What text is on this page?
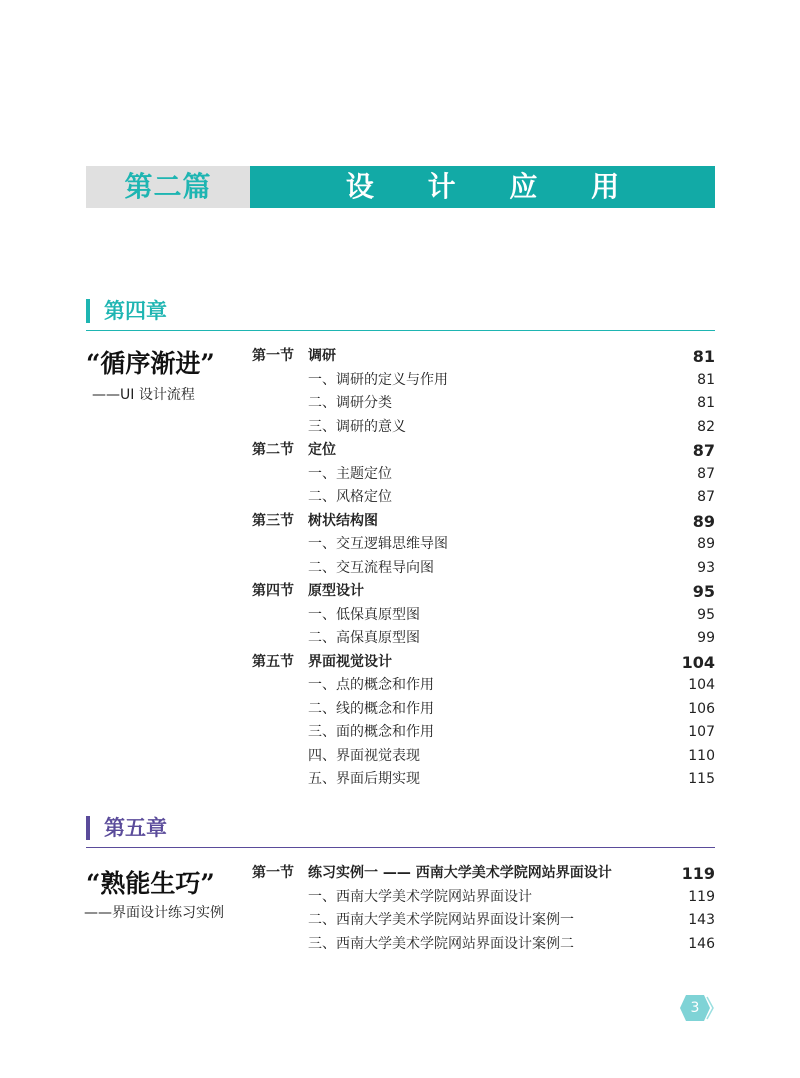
第二篇	设 计 应 用
第四章
“循序渐进”
——UI 设计流程
第一节 调研	81
一、调研的定义与作用	81
二、调研分类	81
三、调研的意义	82
第二节 定位	87
一、主题定位	87
二、风格定位	87
第三节 树状结构图	89
一、交互逻辑思维导图	89
二、交互流程导向图	93
第四节 原型设计	95
一、低保真原型图	95
二、高保真原型图	99
第五节 界面视觉设计	104
一、点的概念和作用	104
二、线的概念和作用	106
三、面的概念和作用	107
四、界面视觉表现	110
五、界面后期实现	115
第五章
“熟能生巧”
——界面设计练习实例
第一节 练习实例一 —— 西南大学美术学院网站界面设计	119
一、西南大学美术学院网站界面设计	119
二、西南大学美术学院网站界面设计案例一	143
三、西南大学美术学院网站界面设计案例二	146
3
